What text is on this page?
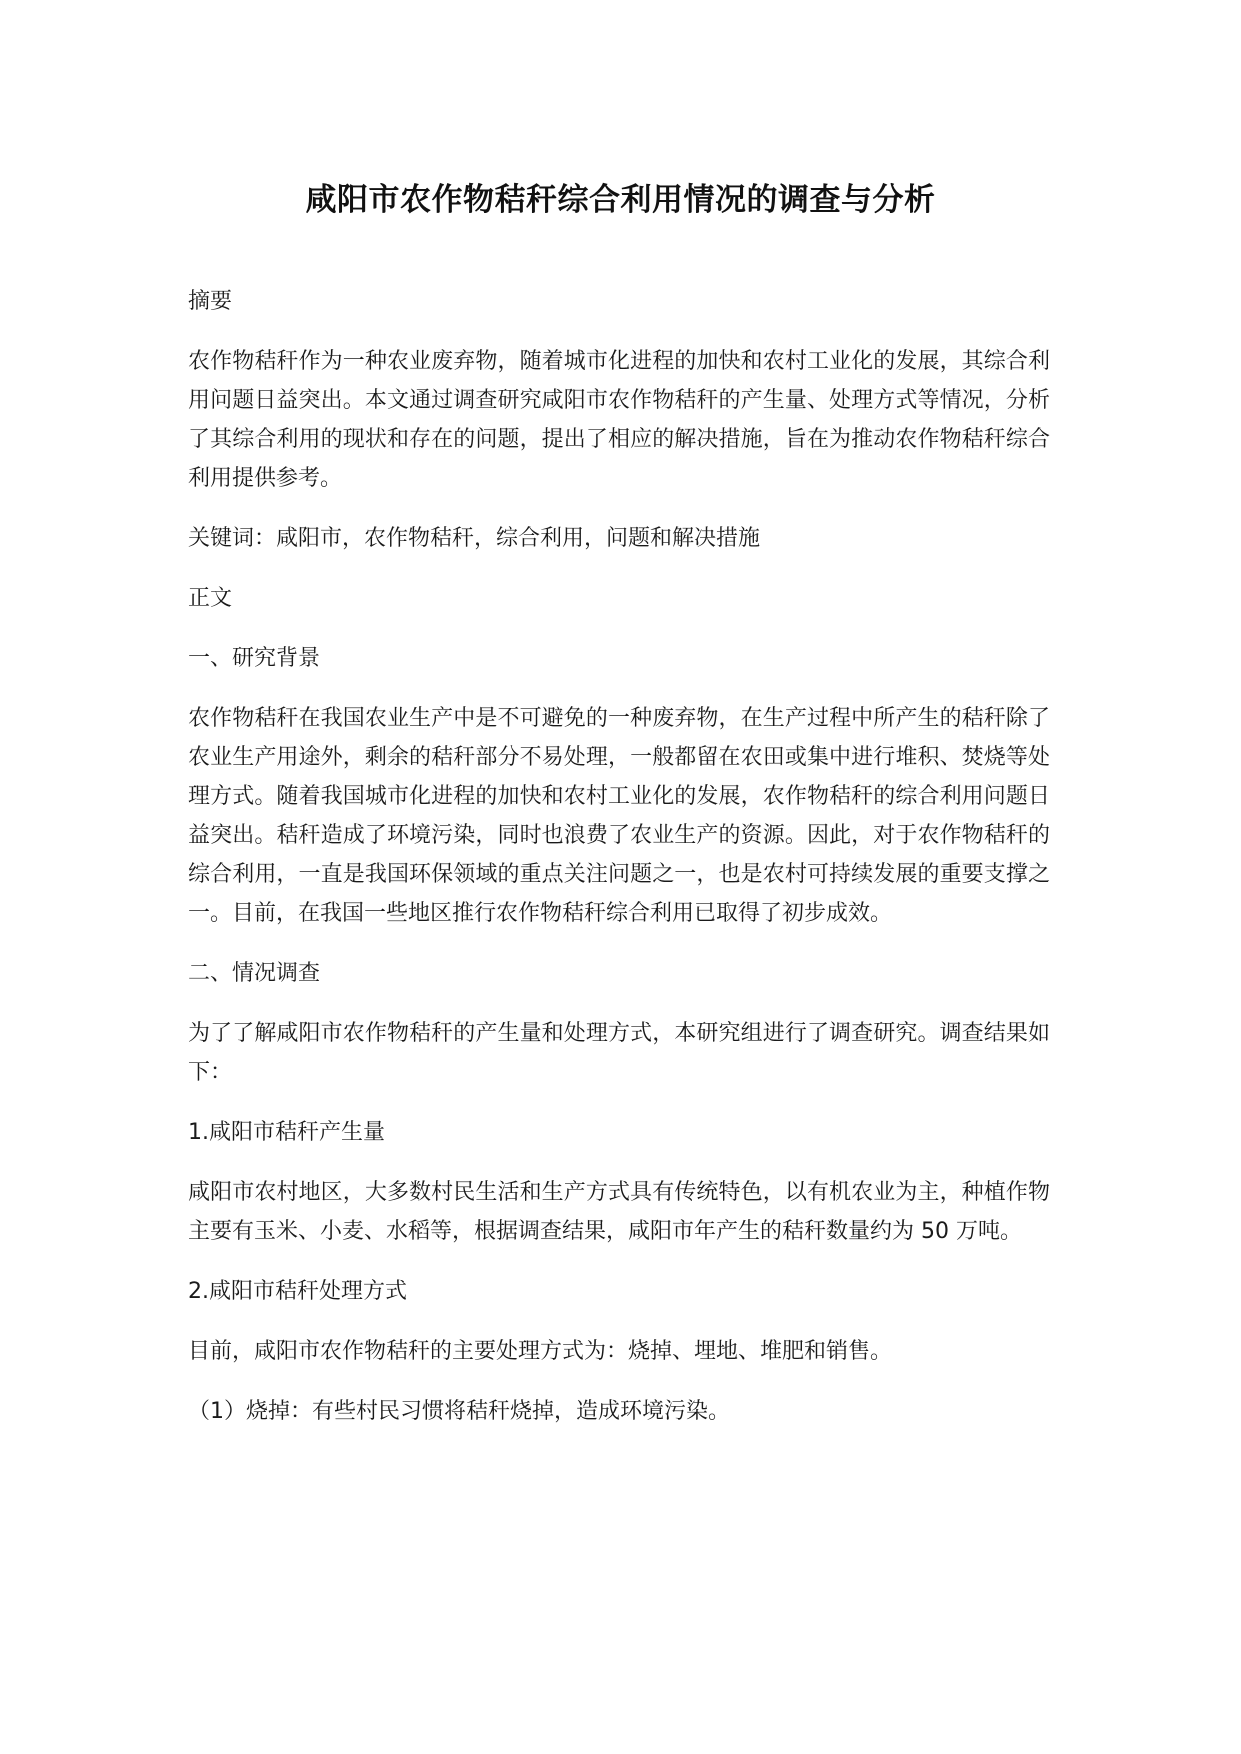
咸阳市农作物秸秆综合利用情况的调查与分析

摘要

农作物秸秆作为一种农业废弃物，随着城市化进程的加快和农村工业化的发展，其综合利用问题日益突出。本文通过调查研究咸阳市农作物秸秆的产生量、处理方式等情况，分析了其综合利用的现状和存在的问题，提出了相应的解决措施，旨在为推动农作物秸秆综合利用提供参考。

关键词：咸阳市，农作物秸秆，综合利用，问题和解决措施

正文

一、研究背景

农作物秸秆在我国农业生产中是不可避免的一种废弃物，在生产过程中所产生的秸秆除了农业生产用途外，剩余的秸秆部分不易处理，一般都留在农田或集中进行堆积、焚烧等处理方式。随着我国城市化进程的加快和农村工业化的发展，农作物秸秆的综合利用问题日益突出。秸秆造成了环境污染，同时也浪费了农业生产的资源。因此，对于农作物秸秆的综合利用，一直是我国环保领域的重点关注问题之一，也是农村可持续发展的重要支撑之一。目前，在我国一些地区推行农作物秸秆综合利用已取得了初步成效。

二、情况调查

为了了解咸阳市农作物秸秆的产生量和处理方式，本研究组进行了调查研究。调查结果如下：

1.咸阳市秸秆产生量

咸阳市农村地区，大多数村民生活和生产方式具有传统特色，以有机农业为主，种植作物主要有玉米、小麦、水稻等，根据调查结果，咸阳市年产生的秸秆数量约为 50 万吨。

2.咸阳市秸秆处理方式

目前，咸阳市农作物秸秆的主要处理方式为：烧掉、埋地、堆肥和销售。

（1）烧掉：有些村民习惯将秸秆烧掉，造成环境污染。
